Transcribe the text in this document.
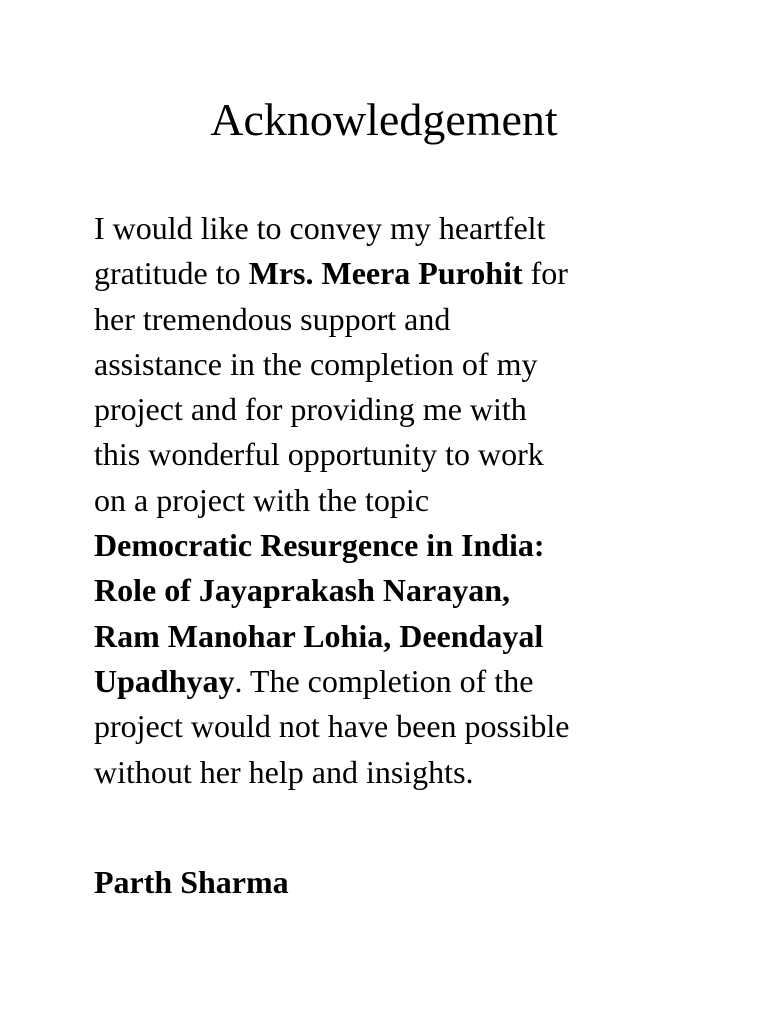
Acknowledgement

I would like to convey my heartfelt
gratitude to Mrs. Meera Purohit for
her tremendous support and
assistance in the completion of my
project and for providing me with
this wonderful opportunity to work
on a project with the topic
Democratic Resurgence in India:
Role of Jayaprakash Narayan,
Ram Manohar Lohia, Deendayal
Upadhyay. The completion of the
project would not have been possible
without her help and insights.

Parth Sharma
